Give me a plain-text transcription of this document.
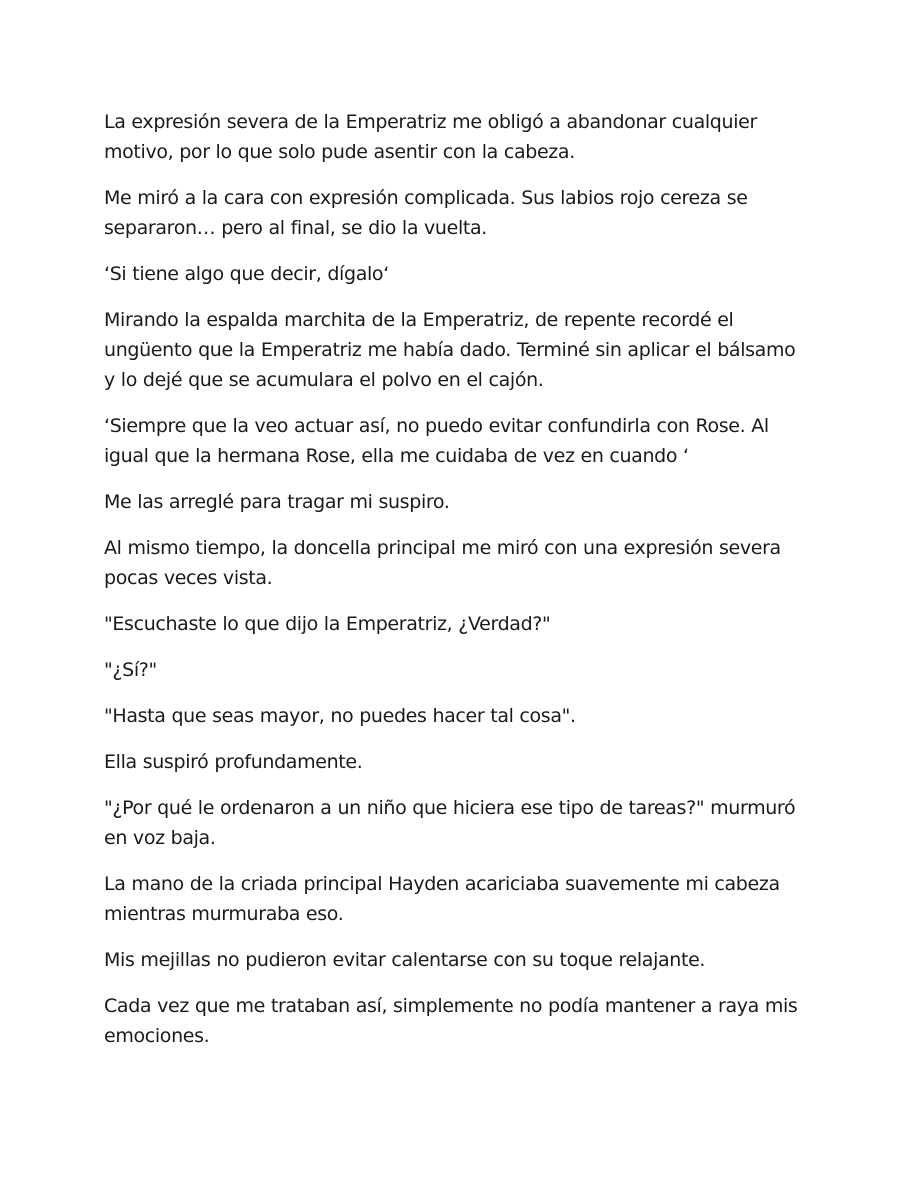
La expresión severa de la Emperatriz me obligó a abandonar cualquier motivo, por lo que solo pude asentir con la cabeza.

Me miró a la cara con expresión complicada. Sus labios rojo cereza se separaron… pero al final, se dio la vuelta.

‘Si tiene algo que decir, dígalo‘

Mirando la espalda marchita de la Emperatriz, de repente recordé el ungüento que la Emperatriz me había dado. Terminé sin aplicar el bálsamo y lo dejé que se acumulara el polvo en el cajón.

‘Siempre que la veo actuar así, no puedo evitar confundirla con Rose. Al igual que la hermana Rose, ella me cuidaba de vez en cuando ‘

Me las arreglé para tragar mi suspiro.

Al mismo tiempo, la doncella principal me miró con una expresión severa pocas veces vista.

"Escuchaste lo que dijo la Emperatriz, ¿Verdad?"

"¿Sí?"

"Hasta que seas mayor, no puedes hacer tal cosa".

Ella suspiró profundamente.

"¿Por qué le ordenaron a un niño que hiciera ese tipo de tareas?" murmuró en voz baja.

La mano de la criada principal Hayden acariciaba suavemente mi cabeza mientras murmuraba eso.

Mis mejillas no pudieron evitar calentarse con su toque relajante.

Cada vez que me trataban así, simplemente no podía mantener a raya mis emociones.
